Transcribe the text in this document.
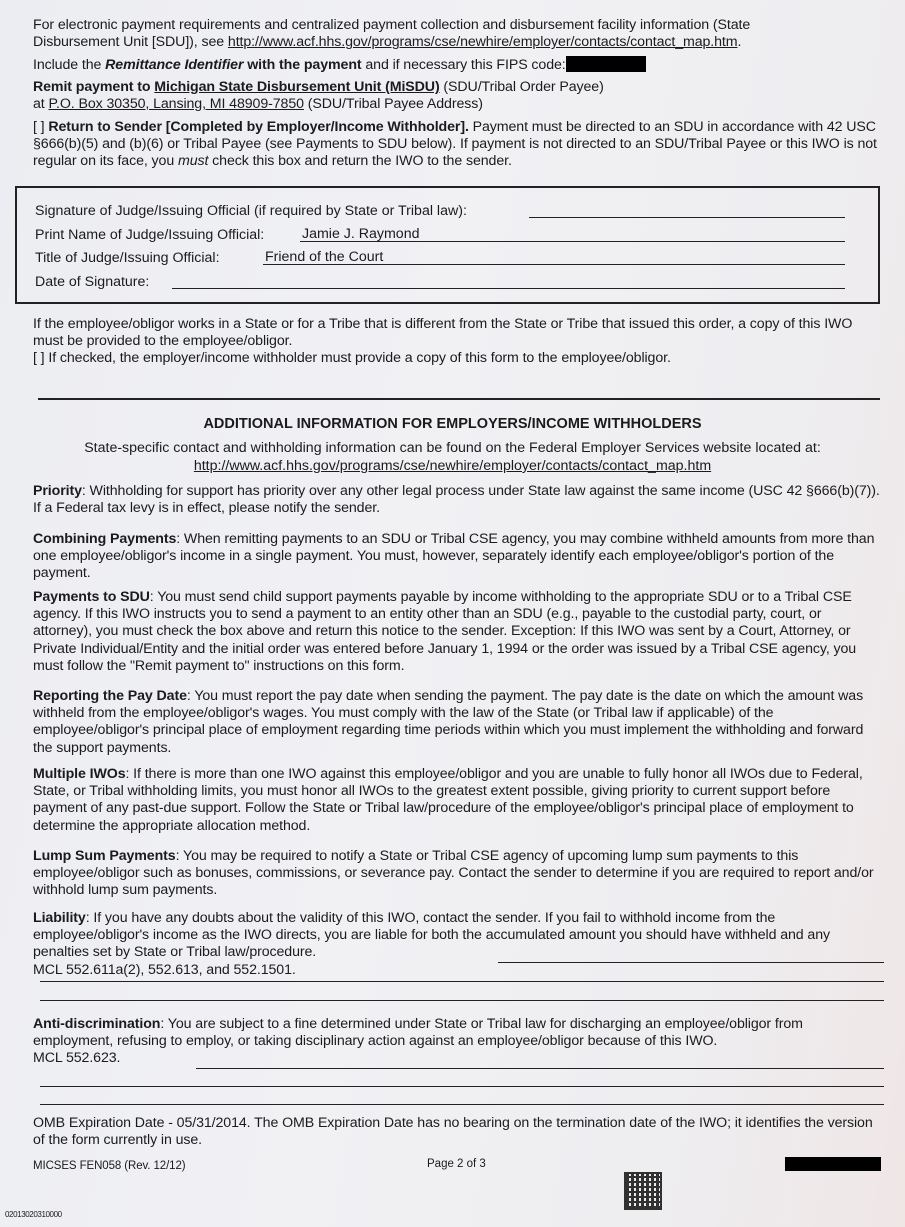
For electronic payment requirements and centralized payment collection and disbursement facility information (State
Disbursement Unit [SDU]), see http://www.acf.hhs.gov/programs/cse/newhire/employer/contacts/contact_map.htm.
Include the Remittance Identifier with the payment and if necessary this FIPS code:
Remit payment to Michigan State Disbursement Unit (MiSDU) (SDU/Tribal Order Payee)
at P.O. Box 30350, Lansing, MI 48909-7850 (SDU/Tribal Payee Address)
[ ] Return to Sender [Completed by Employer/Income Withholder]. Payment must be directed to an SDU in accordance with 42 USC §666(b)(5) and (b)(6) or Tribal Payee (see Payments to SDU below). If payment is not directed to an SDU/Tribal Payee or this IWO is not regular on its face, you must check this box and return the IWO to the sender.
Signature of Judge/Issuing Official (if required by State or Tribal law):
Print Name of Judge/Issuing Official:	Jamie J. Raymond
Title of Judge/Issuing Official:	Friend of the Court
Date of Signature:
If the employee/obligor works in a State or for a Tribe that is different from the State or Tribe that issued this order, a copy of this IWO must be provided to the employee/obligor.
[ ] If checked, the employer/income withholder must provide a copy of this form to the employee/obligor.
ADDITIONAL INFORMATION FOR EMPLOYERS/INCOME WITHHOLDERS
State-specific contact and withholding information can be found on the Federal Employer Services website located at:
http://www.acf.hhs.gov/programs/cse/newhire/employer/contacts/contact_map.htm
Priority: Withholding for support has priority over any other legal process under State law against the same income (USC 42 §666(b)(7)). If a Federal tax levy is in effect, please notify the sender.
Combining Payments: When remitting payments to an SDU or Tribal CSE agency, you may combine withheld amounts from more than one employee/obligor's income in a single payment. You must, however, separately identify each employee/obligor's portion of the payment.
Payments to SDU: You must send child support payments payable by income withholding to the appropriate SDU or to a Tribal CSE agency. If this IWO instructs you to send a payment to an entity other than an SDU (e.g., payable to the custodial party, court, or attorney), you must check the box above and return this notice to the sender. Exception: If this IWO was sent by a Court, Attorney, or Private Individual/Entity and the initial order was entered before January 1, 1994 or the order was issued by a Tribal CSE agency, you must follow the "Remit payment to" instructions on this form.
Reporting the Pay Date: You must report the pay date when sending the payment. The pay date is the date on which the amount was withheld from the employee/obligor's wages. You must comply with the law of the State (or Tribal law if applicable) of the employee/obligor's principal place of employment regarding time periods within which you must implement the withholding and forward the support payments.
Multiple IWOs: If there is more than one IWO against this employee/obligor and you are unable to fully honor all IWOs due to Federal, State, or Tribal withholding limits, you must honor all IWOs to the greatest extent possible, giving priority to current support before payment of any past-due support. Follow the State or Tribal law/procedure of the employee/obligor's principal place of employment to determine the appropriate allocation method.
Lump Sum Payments: You may be required to notify a State or Tribal CSE agency of upcoming lump sum payments to this employee/obligor such as bonuses, commissions, or severance pay. Contact the sender to determine if you are required to report and/or withhold lump sum payments.
Liability: If you have any doubts about the validity of this IWO, contact the sender. If you fail to withhold income from the employee/obligor's income as the IWO directs, you are liable for both the accumulated amount you should have withheld and any penalties set by State or Tribal law/procedure.
MCL 552.611a(2), 552.613, and 552.1501.
Anti-discrimination: You are subject to a fine determined under State or Tribal law for discharging an employee/obligor from employment, refusing to employ, or taking disciplinary action against an employee/obligor because of this IWO.
MCL 552.623.
OMB Expiration Date - 05/31/2014. The OMB Expiration Date has no bearing on the termination date of the IWO; it identifies the version of the form currently in use.
MICSES FEN058 (Rev. 12/12)	Page 2 of 3
02013020310000
